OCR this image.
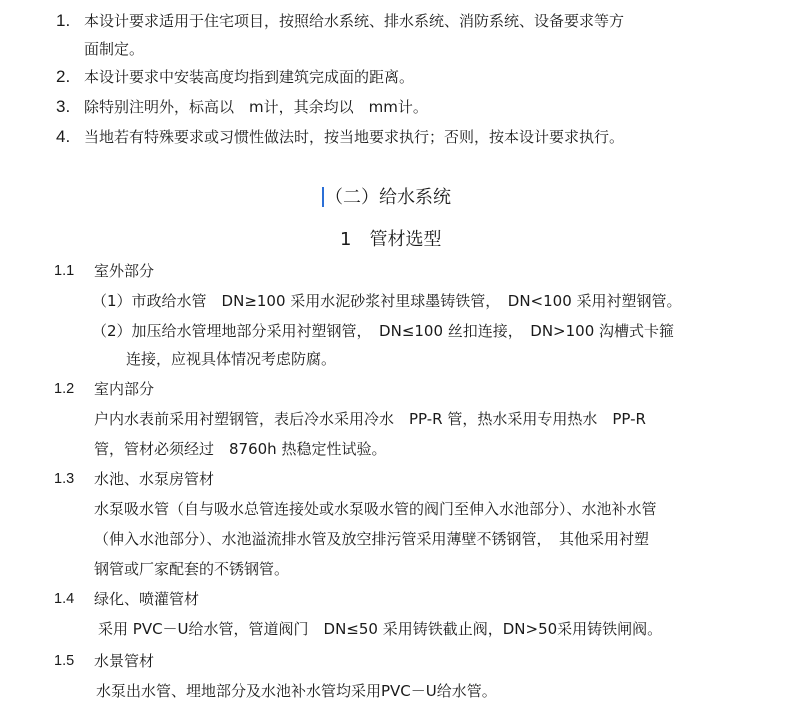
1. 本设计要求适用于住宅项目，按照给水系统、排水系统、消防系统、设备要求等方
面制定。
2. 本设计要求中安装高度均指到建筑完成面的距离。
3. 除特别注明外，标高以　m计，其余均以　mm计。
4. 当地若有特殊要求或习惯性做法时，按当地要求执行；否则，按本设计要求执行。
（二）给水系统
1　管材选型
1.1 室外部分
（1）市政给水管　DN≥100 采用水泥砂浆衬里球墨铸铁管，　DN<100 采用衬塑钢管。
（2）加压给水管埋地部分采用衬塑钢管，　DN≤100 丝扣连接，　DN>100 沟槽式卡箍
连接，应视具体情况考虑防腐。
1.2 室内部分
户内水表前采用衬塑钢管，表后冷水采用冷水　PP-R 管，热水采用专用热水　PP-R
管，管材必须经过　8760h 热稳定性试验。
1.3 水池、水泵房管材
水泵吸水管（自与吸水总管连接处或水泵吸水管的阀门至伸入水池部分）、水池补水管
（伸入水池部分）、水池溢流排水管及放空排污管采用薄壁不锈钢管，　其他采用衬塑
钢管或厂家配套的不锈钢管。
1.4 绿化、喷灌管材
采用 PVC－U给水管，管道阀门　DN≤50 采用铸铁截止阀，DN>50采用铸铁闸阀。
1.5 水景管材
水泵出水管、埋地部分及水池补水管均采用PVC－U给水管。
